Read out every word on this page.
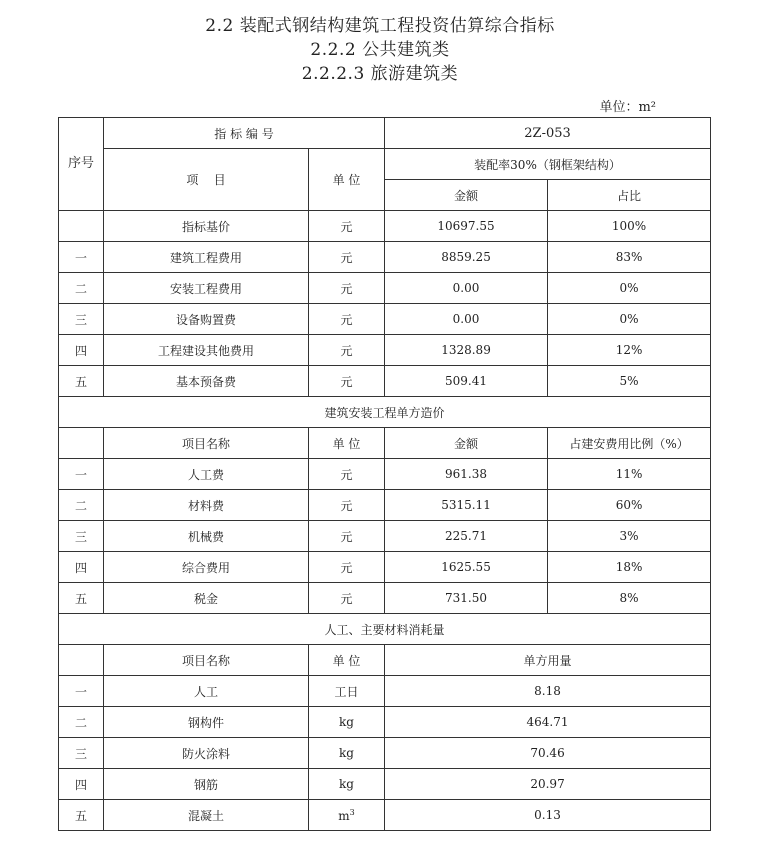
2.2 装配式钢结构建筑工程投资估算综合指标
2.2.2 公共建筑类
2.2.2.3 旅游建筑类
单位：m²
序号	指 标 编 号		2Z-053	
	项    目	单 位	装配率30%（钢框架结构）	
			金额	占比
	指标基价	元	10697.55	100%
一	建筑工程费用	元	8859.25	83%
二	安装工程费用	元	0.00	0%
三	设备购置费	元	0.00	0%
四	工程建设其他费用	元	1328.89	12%
五	基本预备费	元	509.41	5%
建筑安装工程单方造价				
	项目名称	单 位	金额	占建安费用比例（%）
一	人工费	元	961.38	11%
二	材料费	元	5315.11	60%
三	机械费	元	225.71	3%
四	综合费用	元	1625.55	18%
五	税金	元	731.50	8%
人工、主要材料消耗量				
	项目名称	单 位	单方用量	
一	人工	工日	8.18	
二	钢构件	kg	464.71	
三	防火涂料	kg	70.46	
四	钢筋	kg	20.97	
五	混凝土	$m^3$	0.13	
